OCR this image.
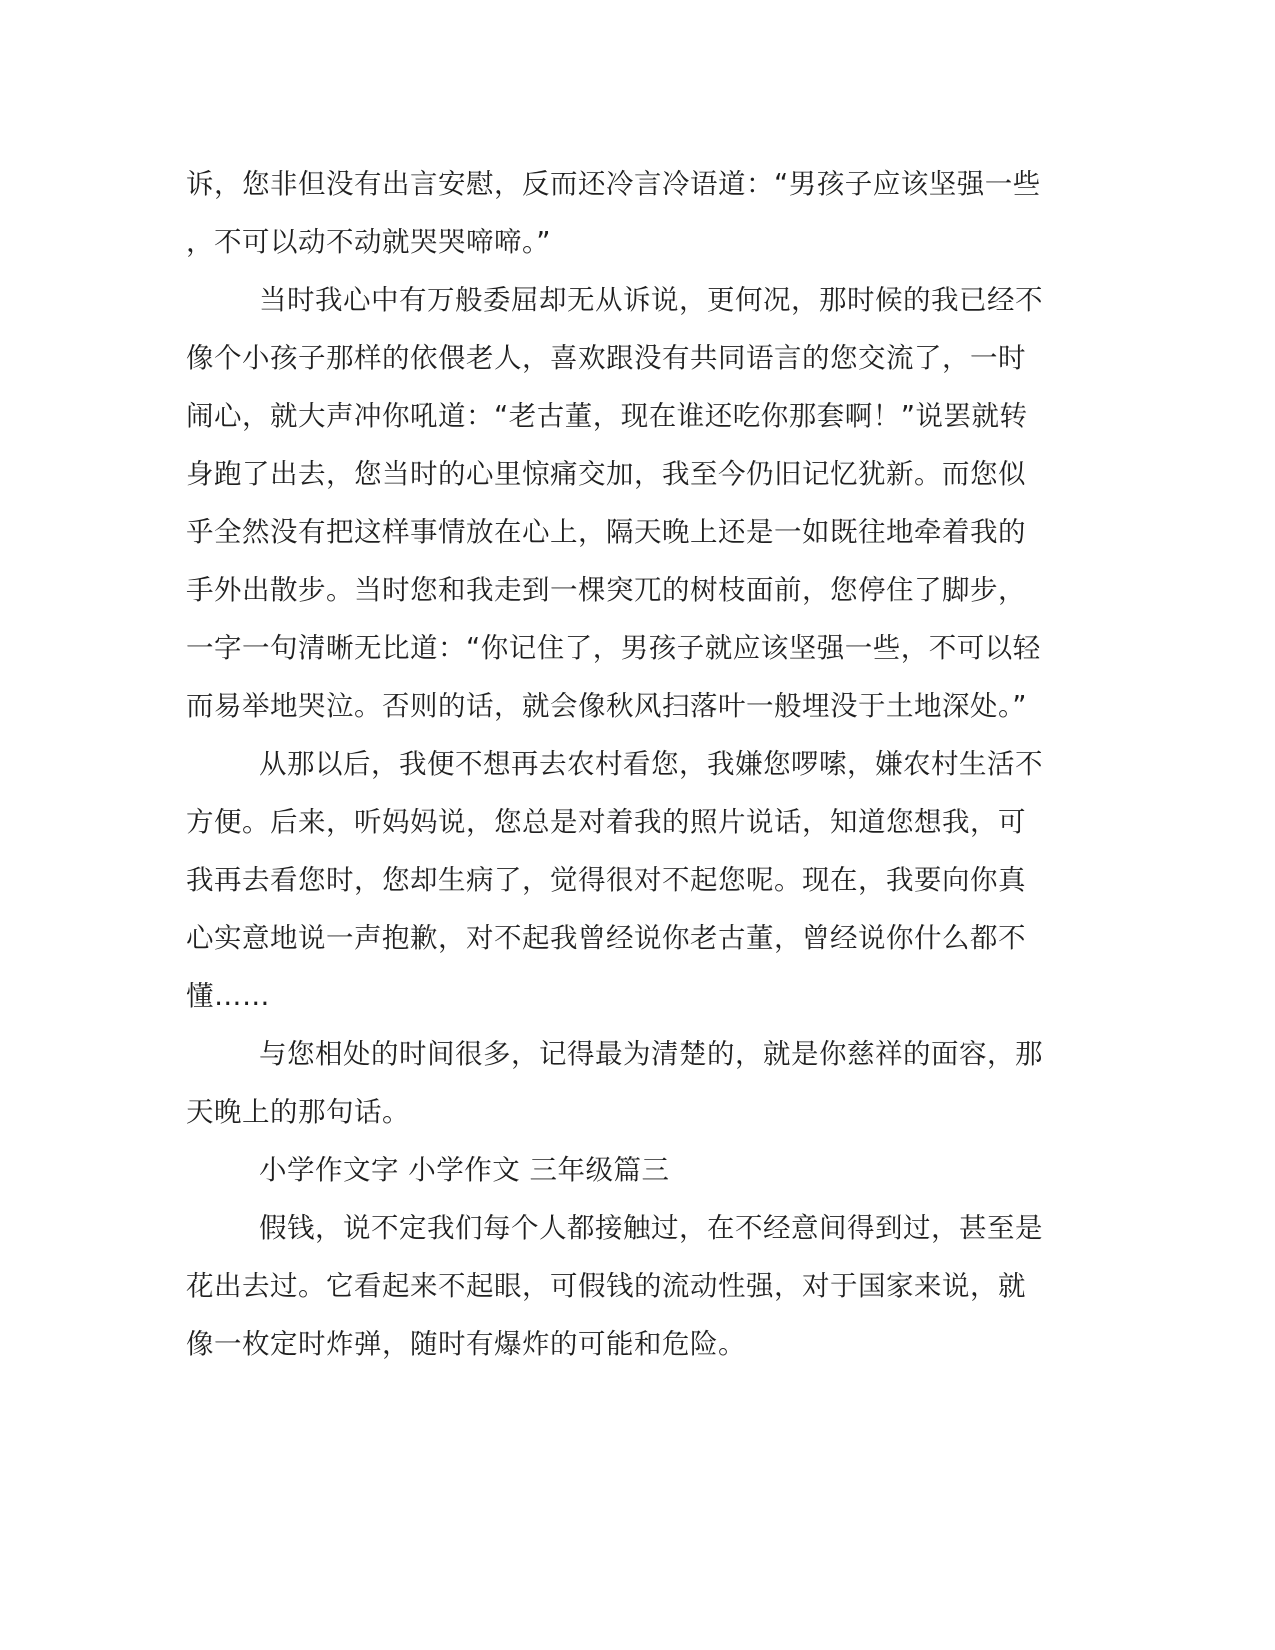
诉，您非但没有出言安慰，反而还冷言冷语道：“男孩子应该坚强一些
，不可以动不动就哭哭啼啼。”
当时我心中有万般委屈却无从诉说，更何况，那时候的我已经不
像个小孩子那样的依偎老人，喜欢跟没有共同语言的您交流了，一时
闹心，就大声冲你吼道：“老古董，现在谁还吃你那套啊！”说罢就转
身跑了出去，您当时的心里惊痛交加，我至今仍旧记忆犹新。而您似
乎全然没有把这样事情放在心上，隔天晚上还是一如既往地牵着我的
手外出散步。当时您和我走到一棵突兀的树枝面前，您停住了脚步，
一字一句清晰无比道：“你记住了，男孩子就应该坚强一些，不可以轻
而易举地哭泣。否则的话，就会像秋风扫落叶一般埋没于土地深处。”
从那以后，我便不想再去农村看您，我嫌您啰嗦，嫌农村生活不
方便。后来，听妈妈说，您总是对着我的照片说话，知道您想我，可
我再去看您时，您却生病了，觉得很对不起您呢。现在，我要向你真
心实意地说一声抱歉，对不起我曾经说你老古董，曾经说你什么都不
懂……
与您相处的时间很多，记得最为清楚的，就是你慈祥的面容，那
天晚上的那句话。
小学作文字 小学作文 三年级篇三
假钱，说不定我们每个人都接触过，在不经意间得到过，甚至是
花出去过。它看起来不起眼，可假钱的流动性强，对于国家来说，就
像一枚定时炸弹，随时有爆炸的可能和危险。
